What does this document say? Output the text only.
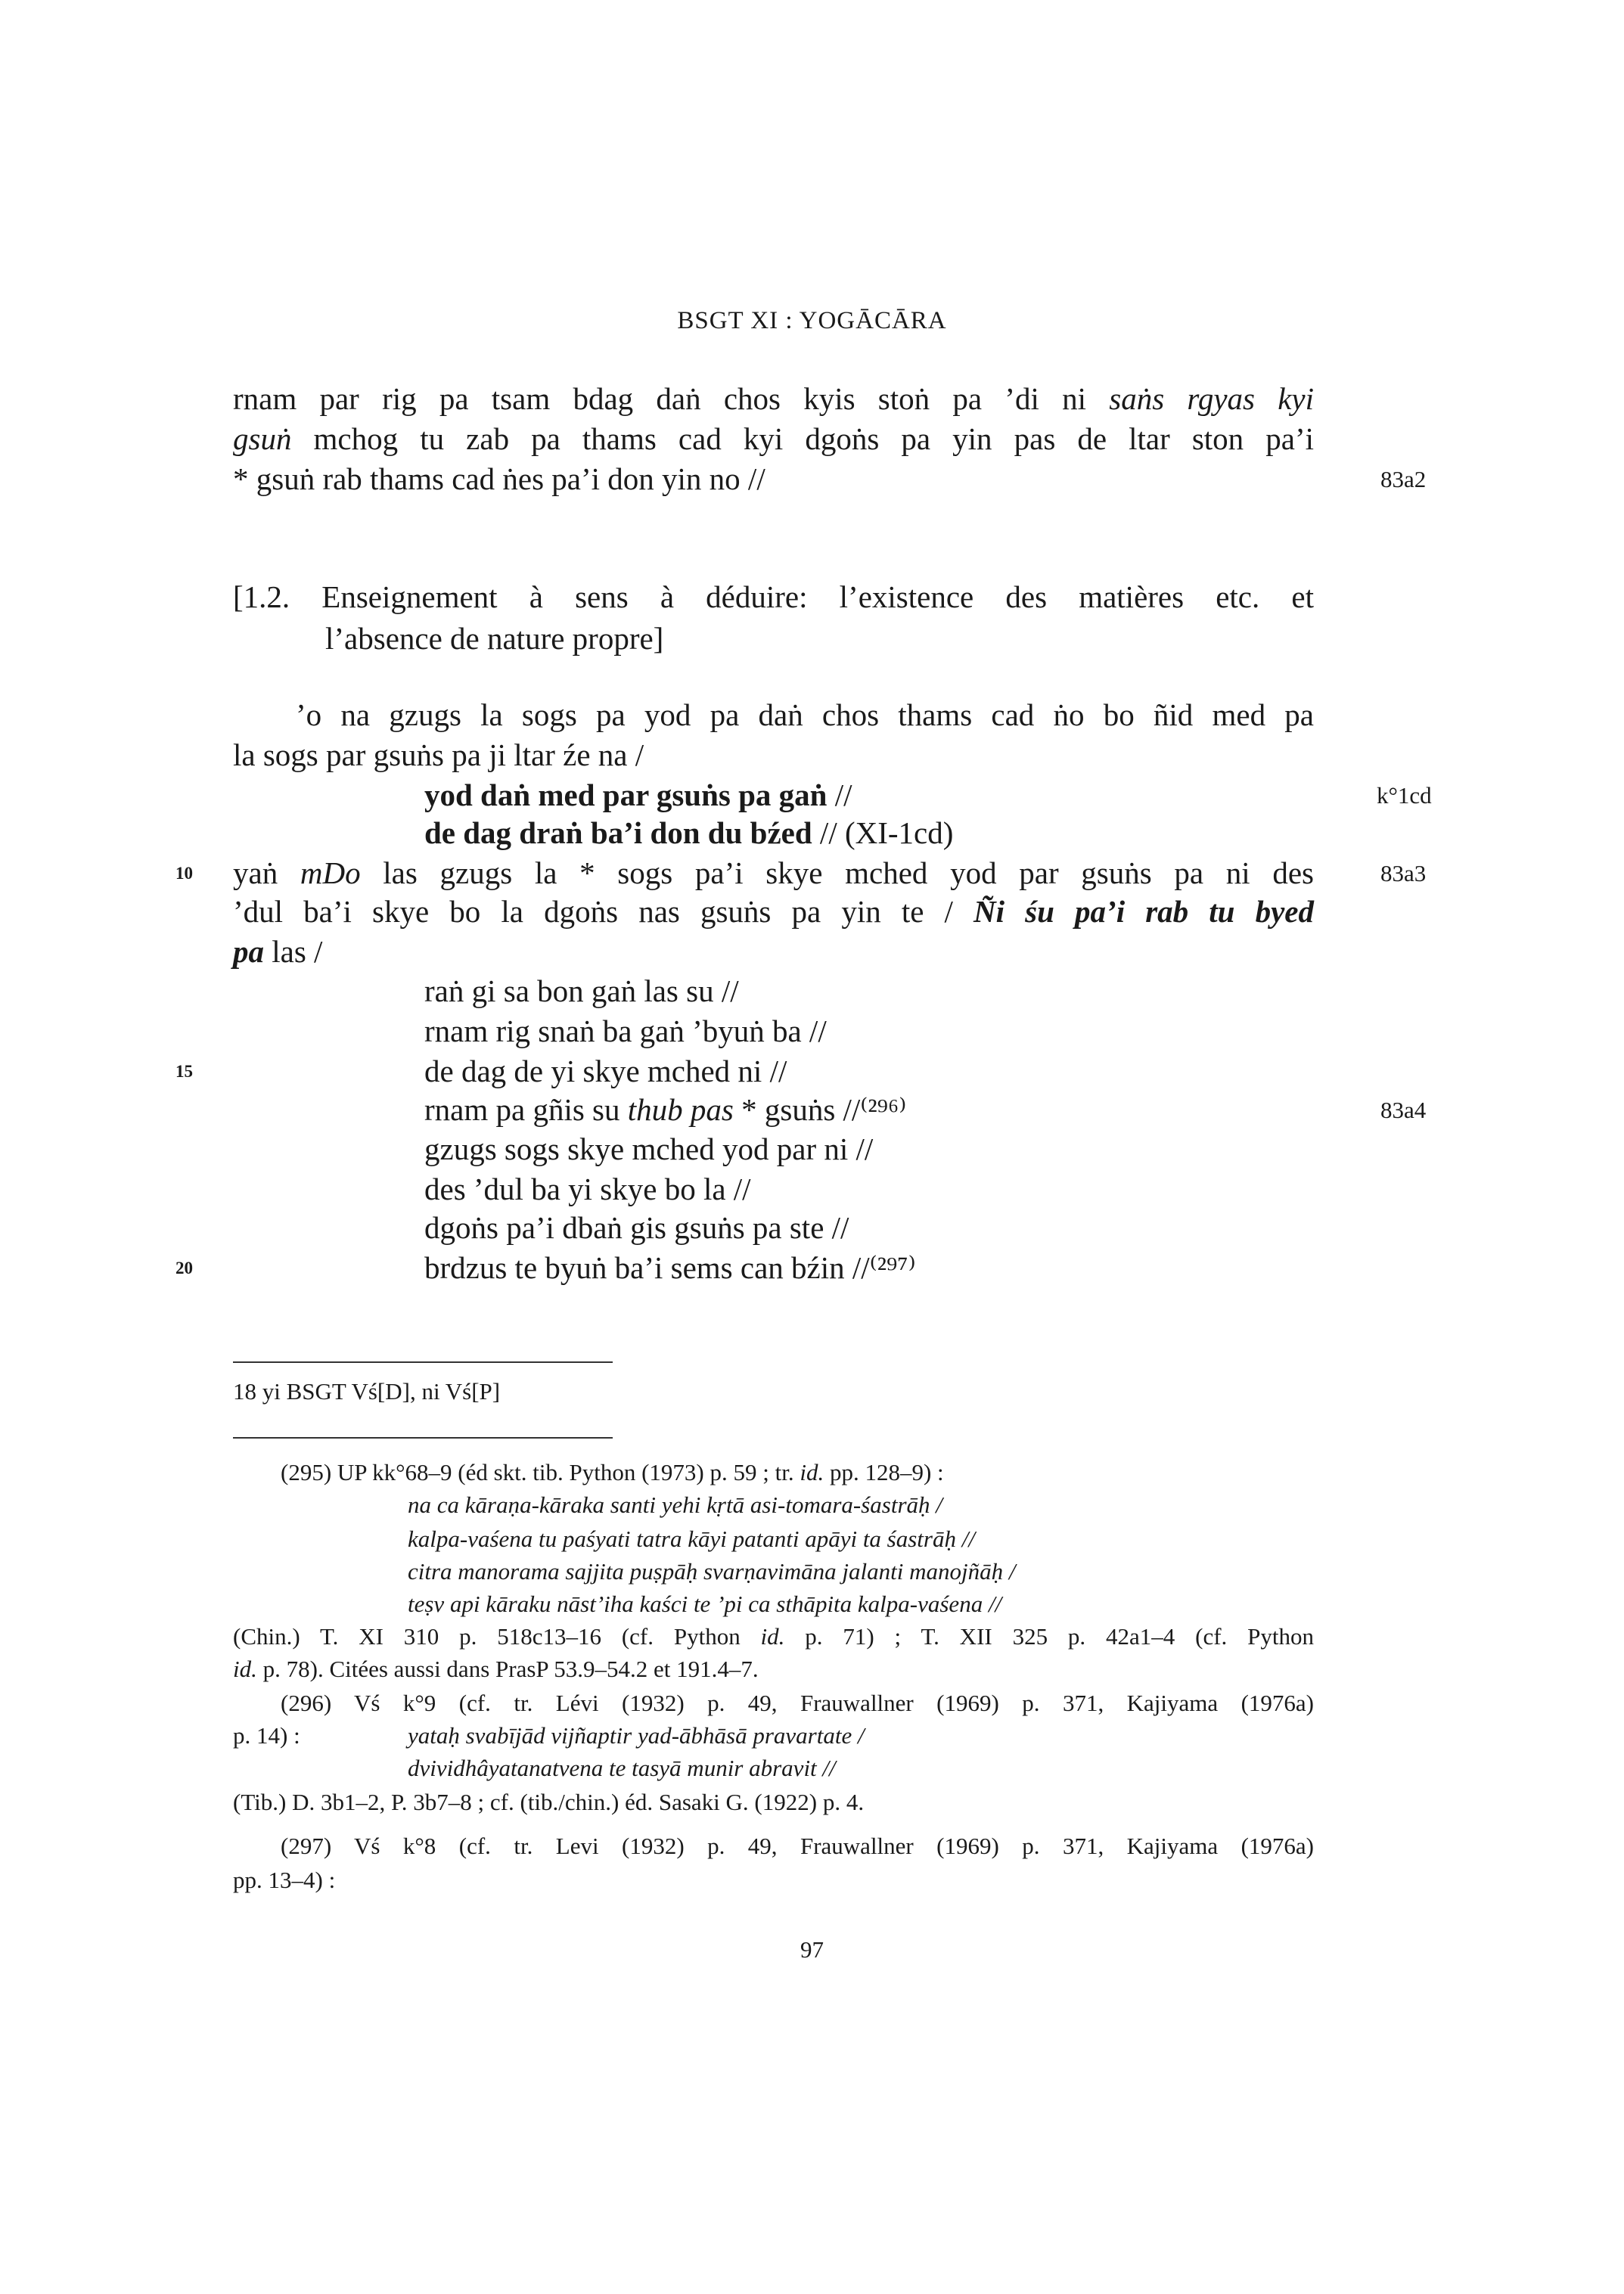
BSGT XI : YOGĀCĀRA
rnam par rig pa tsam bdag daṅ chos kyis stoṅ pa ’di ni saṅs rgyas kyi
gsuṅ mchog tu zab pa thams cad kyi dgoṅs pa yin pas de ltar ston pa’i
* gsuṅ rab thams cad ṅes pa’i don yin no //	83a2
[1.2. Enseignement à sens à déduire: l’existence des matières etc. et
l’absence de nature propre]
’o na gzugs la sogs pa yod pa daṅ chos thams cad ṅo bo ñid med pa
la sogs par gsuṅs pa ji ltar źe na /
yod daṅ med par gsuṅs pa gaṅ //	k°1cd
de dag draṅ ba’i don du bźed // (XI-1cd)
10 yaṅ mDo las gzugs la * sogs pa’i skye mched yod par gsuṅs pa ni des	83a3
’dul ba’i skye bo la dgoṅs nas gsuṅs pa yin te / Ñi śu pa’i rab tu byed
pa las /
raṅ gi sa bon gaṅ las su //
rnam rig snaṅ ba gaṅ ’byuṅ ba //
15	de dag de yi skye mched ni //
rnam pa gñis su thub pas * gsuṅs //⁽²⁹⁶⁾	83a4
gzugs sogs skye mched yod par ni //
des ’dul ba yi skye bo la //
dgoṅs pa’i dbaṅ gis gsuṅs pa ste //
20	brdzus te byuṅ ba’i sems can bźin //⁽²⁹⁷⁾
18 yi BSGT Vś[D], ni Vś[P]
(295) UP kk°68–9 (éd skt. tib. Python (1973) p. 59 ; tr. id. pp. 128–9) :
na ca kāraṇa-kāraka santi yehi kṛtā asi-tomara-śastrāḥ /
kalpa-vaśena tu paśyati tatra kāyi patanti apāyi ta śastrāḥ //
citra manorama sajjita puṣpāḥ svarṇavimāna jalanti manojñāḥ /
teṣv api kāraku nāst’iha kaści te ’pi ca sthāpita kalpa-vaśena //
(Chin.) T. XI 310 p. 518c13–16 (cf. Python id. p. 71) ; T. XII 325 p. 42a1–4 (cf. Python
id. p. 78). Citées aussi dans PrasP 53.9–54.2 et 191.4–7.
(296) Vś k°9 (cf. tr. Lévi (1932) p. 49, Frauwallner (1969) p. 371, Kajiyama (1976a)
p. 14) :	yataḥ svabījād vijñaptir yad-ābhāsā pravartate /
dvividhâyatanatvena te tasyā munir abravit //
(Tib.) D. 3b1–2, P. 3b7–8 ; cf. (tib./chin.) éd. Sasaki G. (1922) p. 4.
(297) Vś k°8 (cf. tr. Levi (1932) p. 49, Frauwallner (1969) p. 371, Kajiyama (1976a)
pp. 13–4) :
97
